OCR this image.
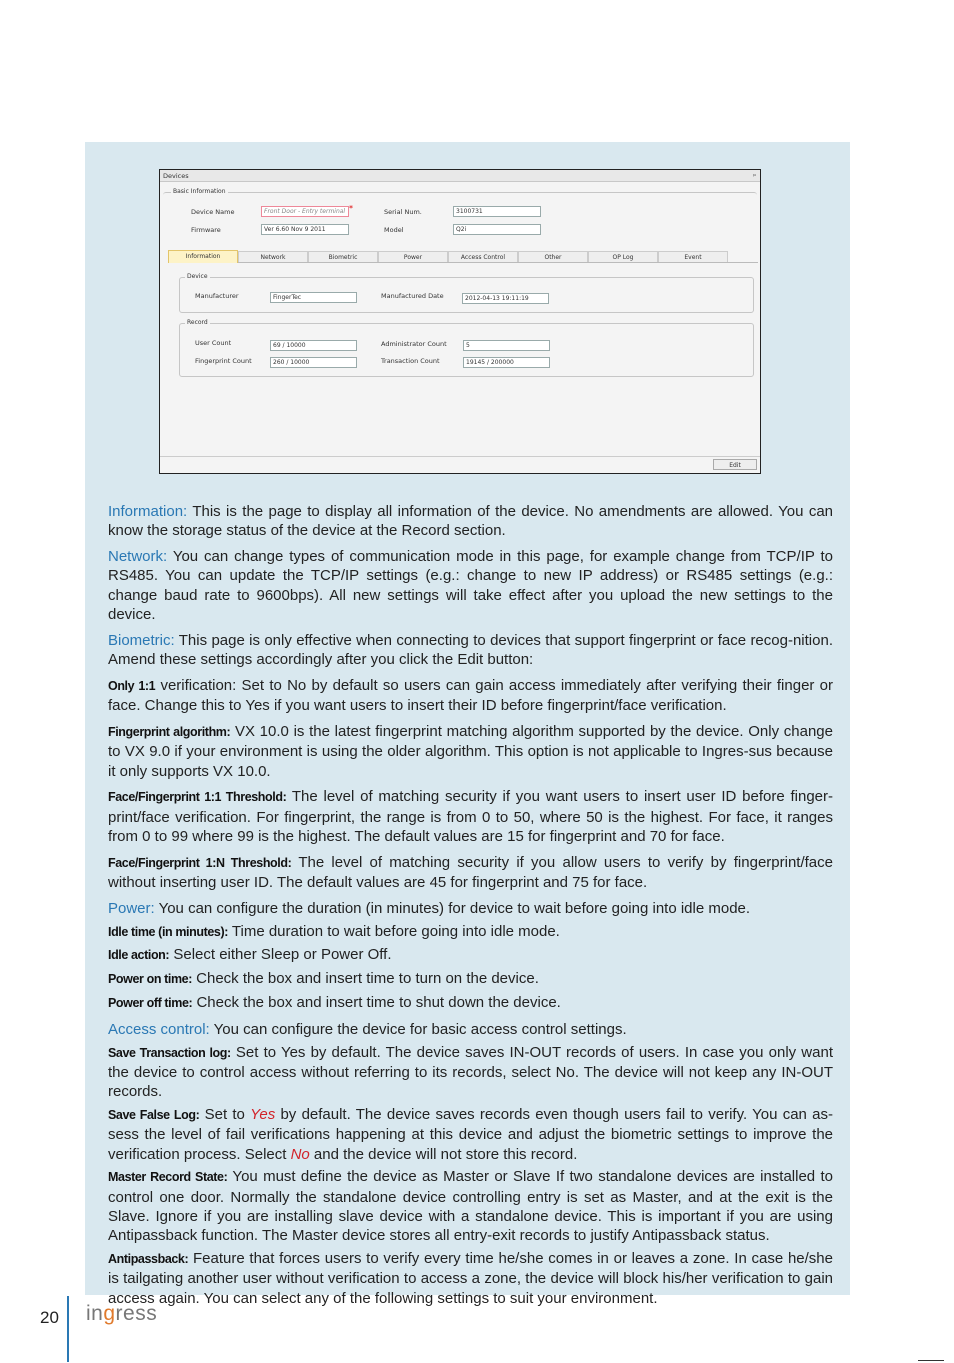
Devices	ᵖ
Basic Information
Device Name	Front Door - Entry terminal *	Serial Num.	3100731
Firmware	Ver 6.60 Nov 9 2011	Model	Q2i
Information	Network	Biometric	Power	Access Control	Other	OP Log	Event
Device
Manufacturer	FingerTec	Manufactured Date	2012-04-13 19:11:19
Record
User Count	69 / 10000	Administrator Count	5
Fingerprint Count	260 / 10000	Transaction Count	19145 / 200000
Edit

Information: This is the page to display all information of the device. No amendments are allowed. You can know the storage status of the device at the Record section.

Network: You can change types of communication mode in this page, for example change from TCP/IP to RS485. You can update the TCP/IP settings (e.g.: change to new IP address) or RS485 settings (e.g.: change baud rate to 9600bps). All new settings will take effect after you upload the new settings to the device.

Biometric: This page is only effective when connecting to devices that support fingerprint or face recog-nition. Amend these settings accordingly after you click the Edit button:

Only 1:1 verification: Set to No by default so users can gain access immediately after verifying their finger or face. Change this to Yes if you want users to insert their ID before fingerprint/face verification.

Fingerprint algorithm: VX 10.0 is the latest fingerprint matching algorithm supported by the device. Only change to VX 9.0 if your environment is using the older algorithm. This option is not applicable to Ingres-sus because it only supports VX 10.0.

Face/Fingerprint 1:1 Threshold: The level of matching security if you want users to insert user ID before finger-print/face verification. For fingerprint, the range is from 0 to 50, where 50 is the highest. For face, it ranges from 0 to 99 where 99 is the highest. The default values are 15 for fingerprint and 70 for face.

Face/Fingerprint 1:N Threshold: The level of matching security if you allow users to verify by fingerprint/face without inserting user ID. The default values are 45 for fingerprint and 75 for face.

Power: You can configure the duration (in minutes) for device to wait before going into idle mode.

Idle time (in minutes): Time duration to wait before going into idle mode.

Idle action: Select either Sleep or Power Off.

Power on time: Check the box and insert time to turn on the device.

Power off time: Check the box and insert time to shut down the device.

Access control: You can configure the device for basic access control settings.

Save Transaction log: Set to Yes by default. The device saves IN-OUT records of users. In case you only want the device to control access without referring to its records, select No. The device will not keep any IN-OUT records.

Save False Log: Set to Yes by default. The device saves records even though users fail to verify. You can as-sess the level of fail verifications happening at this device and adjust the biometric settings to improve the verification process. Select No and the device will not store this record.

Master Record State: You must define the device as Master or Slave If two standalone devices are installed to control one door. Normally the standalone device controlling entry is set as Master, and at the exit is the Slave. Ignore if you are installing slave device with a standalone device. This is important if you are using Antipassback function. The Master device stores all entry-exit records to justify Antipassback status.

Antipassback: Feature that forces users to verify every time he/she comes in or leaves a zone. In case he/she is tailgating another user without verification to access a zone, the device will block his/her verification to gain access again. You can select any of the following settings to suit your environment.

20 ingress
